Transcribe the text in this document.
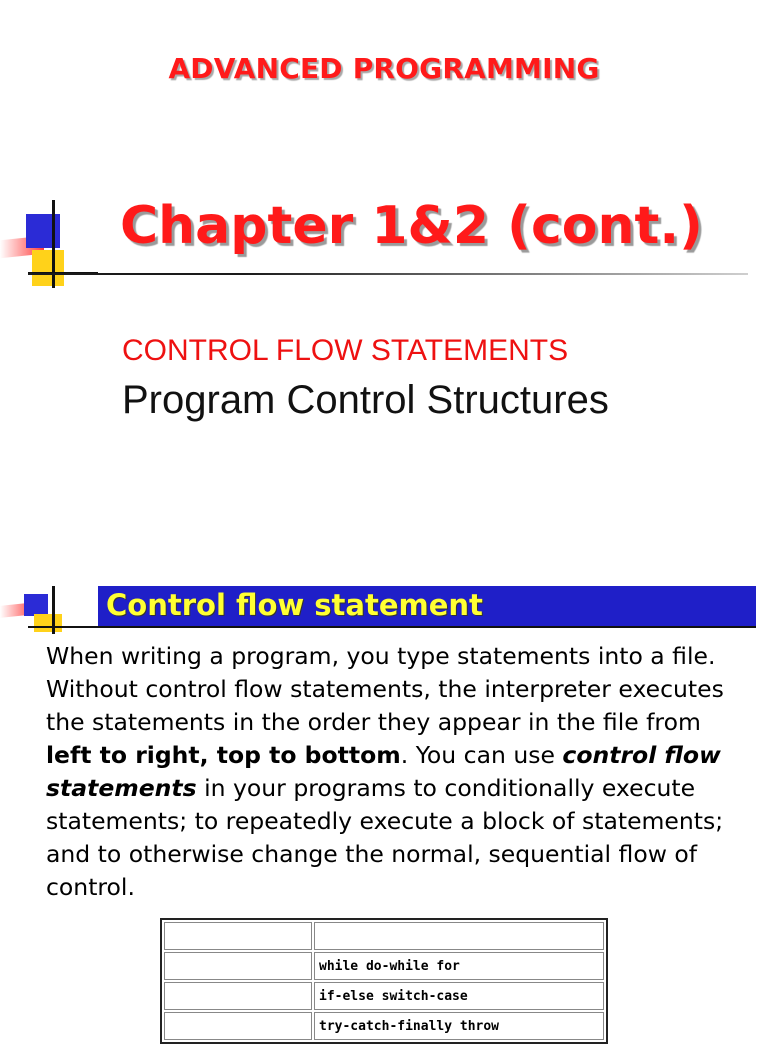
ADVANCED PROGRAMMING
Chapter 1&2 (cont.)
CONTROL FLOW STATEMENTS
Program Control Structures
Control flow statement
When writing a program, you type statements into a file. Without control flow statements, the interpreter executes the statements in the order they appear in the file from left to right, top to bottom. You can use control flow statements in your programs to conditionally execute statements; to repeatedly execute a block of statements; and to otherwise change the normal, sequential flow of control.

	while do-while for
	if-else switch-case
	try-catch-finally throw
